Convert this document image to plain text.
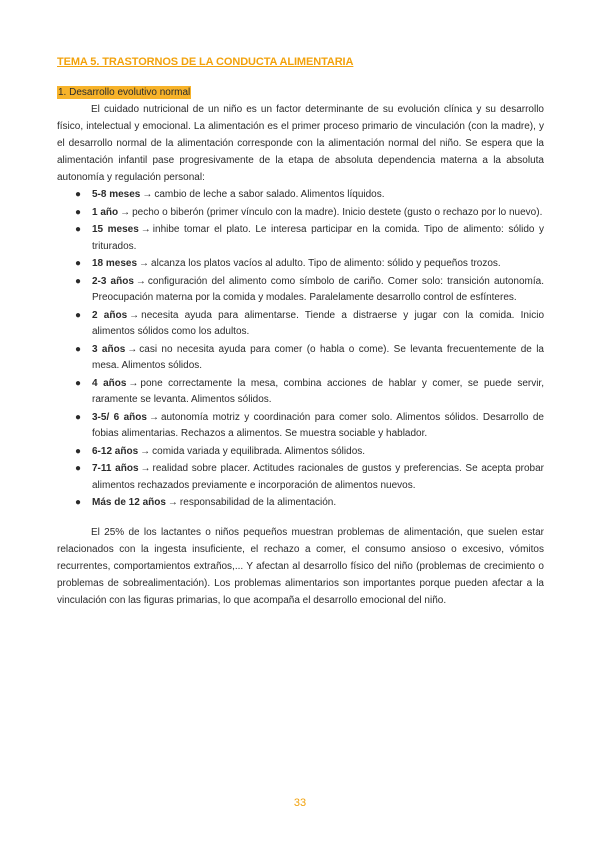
TEMA 5. TRASTORNOS DE LA CONDUCTA ALIMENTARIA
1. Desarrollo evolutivo normal

El cuidado nutricional de un niño es un factor determinante de su evolución clínica y su desarrollo físico, intelectual y emocional. La alimentación es el primer proceso primario de vinculación (con la madre), y el desarrollo normal de la alimentación corresponde con la alimentación normal del niño. Se espera que la alimentación infantil pase progresivamente de la etapa de absoluta dependencia materna a la absoluta autonomía y regulación personal:

● 5-8 meses → cambio de leche a sabor salado. Alimentos líquidos.
● 1 año → pecho o biberón (primer vínculo con la madre). Inicio destete (gusto o rechazo por lo nuevo).
● 15 meses → inhibe tomar el plato. Le interesa participar en la comida. Tipo de alimento: sólido y triturados.
● 18 meses → alcanza los platos vacíos al adulto. Tipo de alimento: sólido y pequeños trozos.
● 2-3 años → configuración del alimento como símbolo de cariño. Comer solo: transición autonomía. Preocupación materna por la comida y modales. Paralelamente desarrollo control de esfínteres.
● 2 años → necesita ayuda para alimentarse. Tiende a distraerse y jugar con la comida. Inicio alimentos sólidos como los adultos.
● 3 años → casi no necesita ayuda para comer (o habla o come). Se levanta frecuentemente de la mesa. Alimentos sólidos.
● 4 años → pone correctamente la mesa, combina acciones de hablar y comer, se puede servir, raramente se levanta. Alimentos sólidos.
● 3-5/ 6 años → autonomía motriz y coordinación para comer solo. Alimentos sólidos. Desarrollo de fobias alimentarias. Rechazos a alimentos. Se muestra sociable y hablador.
● 6-12 años → comida variada y equilibrada. Alimentos sólidos.
● 7-11 años → realidad sobre placer. Actitudes racionales de gustos y preferencias. Se acepta probar alimentos rechazados previamente e incorporación de alimentos nuevos.
● Más de 12 años → responsabilidad de la alimentación.

El 25% de los lactantes o niños pequeños muestran problemas de alimentación, que suelen estar relacionados con la ingesta insuficiente, el rechazo a comer, el consumo ansioso o excesivo, vómitos recurrentes, comportamientos extraños,... Y afectan al desarrollo físico del niño (problemas de crecimiento o problemas de sobrealimentación). Los problemas alimentarios son importantes porque pueden afectar a la vinculación con las figuras primarias, lo que acompaña el desarrollo emocional del niño.

33
